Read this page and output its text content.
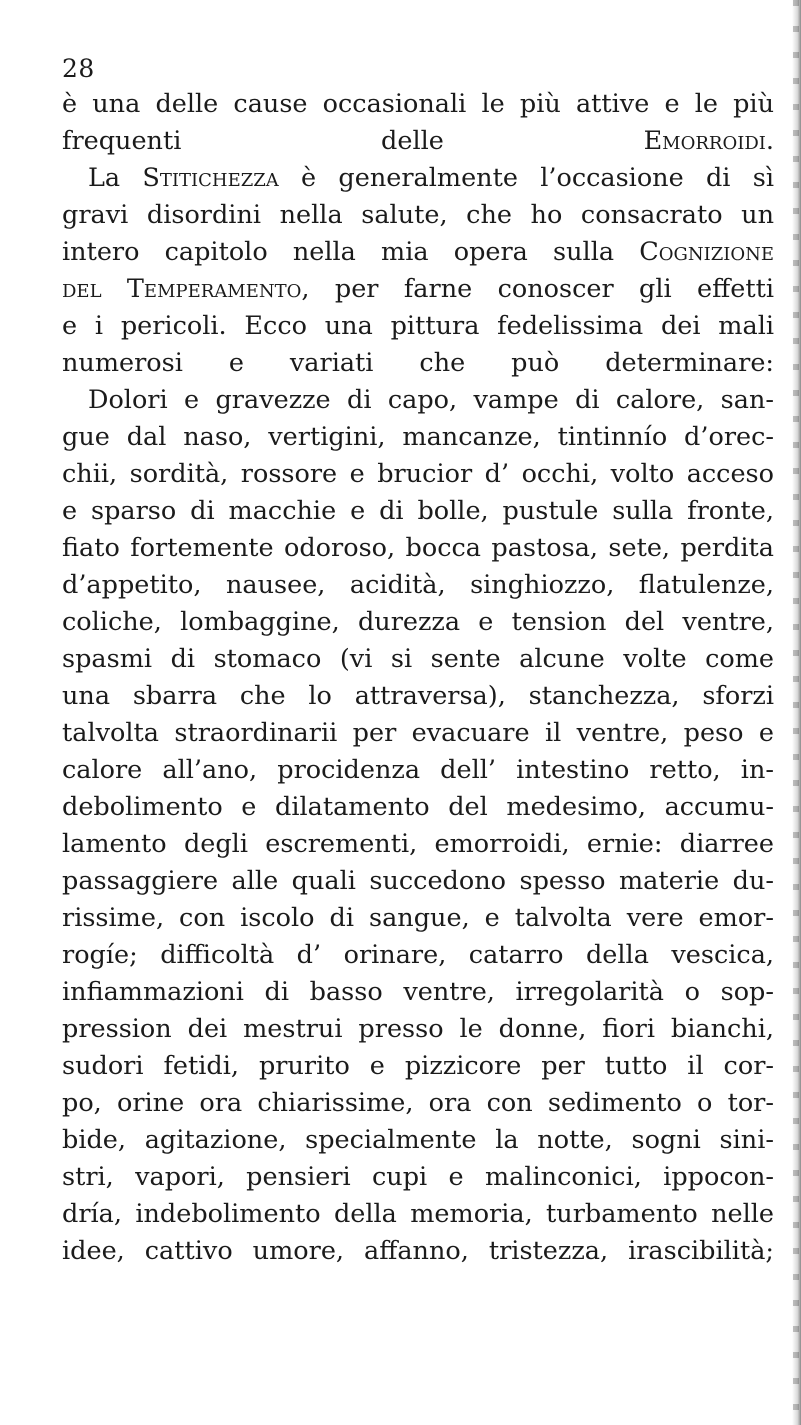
28
è una delle cause occasionali le più attive e le più
frequenti delle Emorroidi.
La Stitichezza è generalmente l’occasione di sì
gravi disordini nella salute, che ho consacrato un
intero capitolo nella mia opera sulla Cognizione
del Temperamento, per farne conoscer gli effetti
e i pericoli. Ecco una pittura fedelissima dei mali
numerosi e variati che può determinare:
Dolori e gravezze di capo, vampe di calore, san-
gue dal naso, vertigini, mancanze, tintinnío d’orec-
chii, sordità, rossore e brucior d’ occhi, volto acceso
e sparso di macchie e di bolle, pustule sulla fronte,
fiato fortemente odoroso, bocca pastosa, sete, perdita
d’appetito, nausee, acidità, singhiozzo, flatulenze,
coliche, lombaggine, durezza e tension del ventre,
spasmi di stomaco (vi si sente alcune volte come
una sbarra che lo attraversa), stanchezza, sforzi
talvolta straordinarii per evacuare il ventre, peso e
calore all’ano, procidenza dell’ intestino retto, in-
debolimento e dilatamento del medesimo, accumu-
lamento degli escrementi, emorroidi, ernie: diarree
passaggiere alle quali succedono spesso materie du-
rissime, con iscolo di sangue, e talvolta vere emor-
rogíe; difficoltà d’ orinare, catarro della vescica,
infiammazioni di basso ventre, irregolarità o sop-
pression dei mestrui presso le donne, fiori bianchi,
sudori fetidi, prurito e pizzicore per tutto il cor-
po, orine ora chiarissime, ora con sedimento o tor-
bide, agitazione, specialmente la notte, sogni sini-
stri, vapori, pensieri cupi e malinconici, ippocon-
dría, indebolimento della memoria, turbamento nelle
idee, cattivo umore, affanno, tristezza, irascibilità;
